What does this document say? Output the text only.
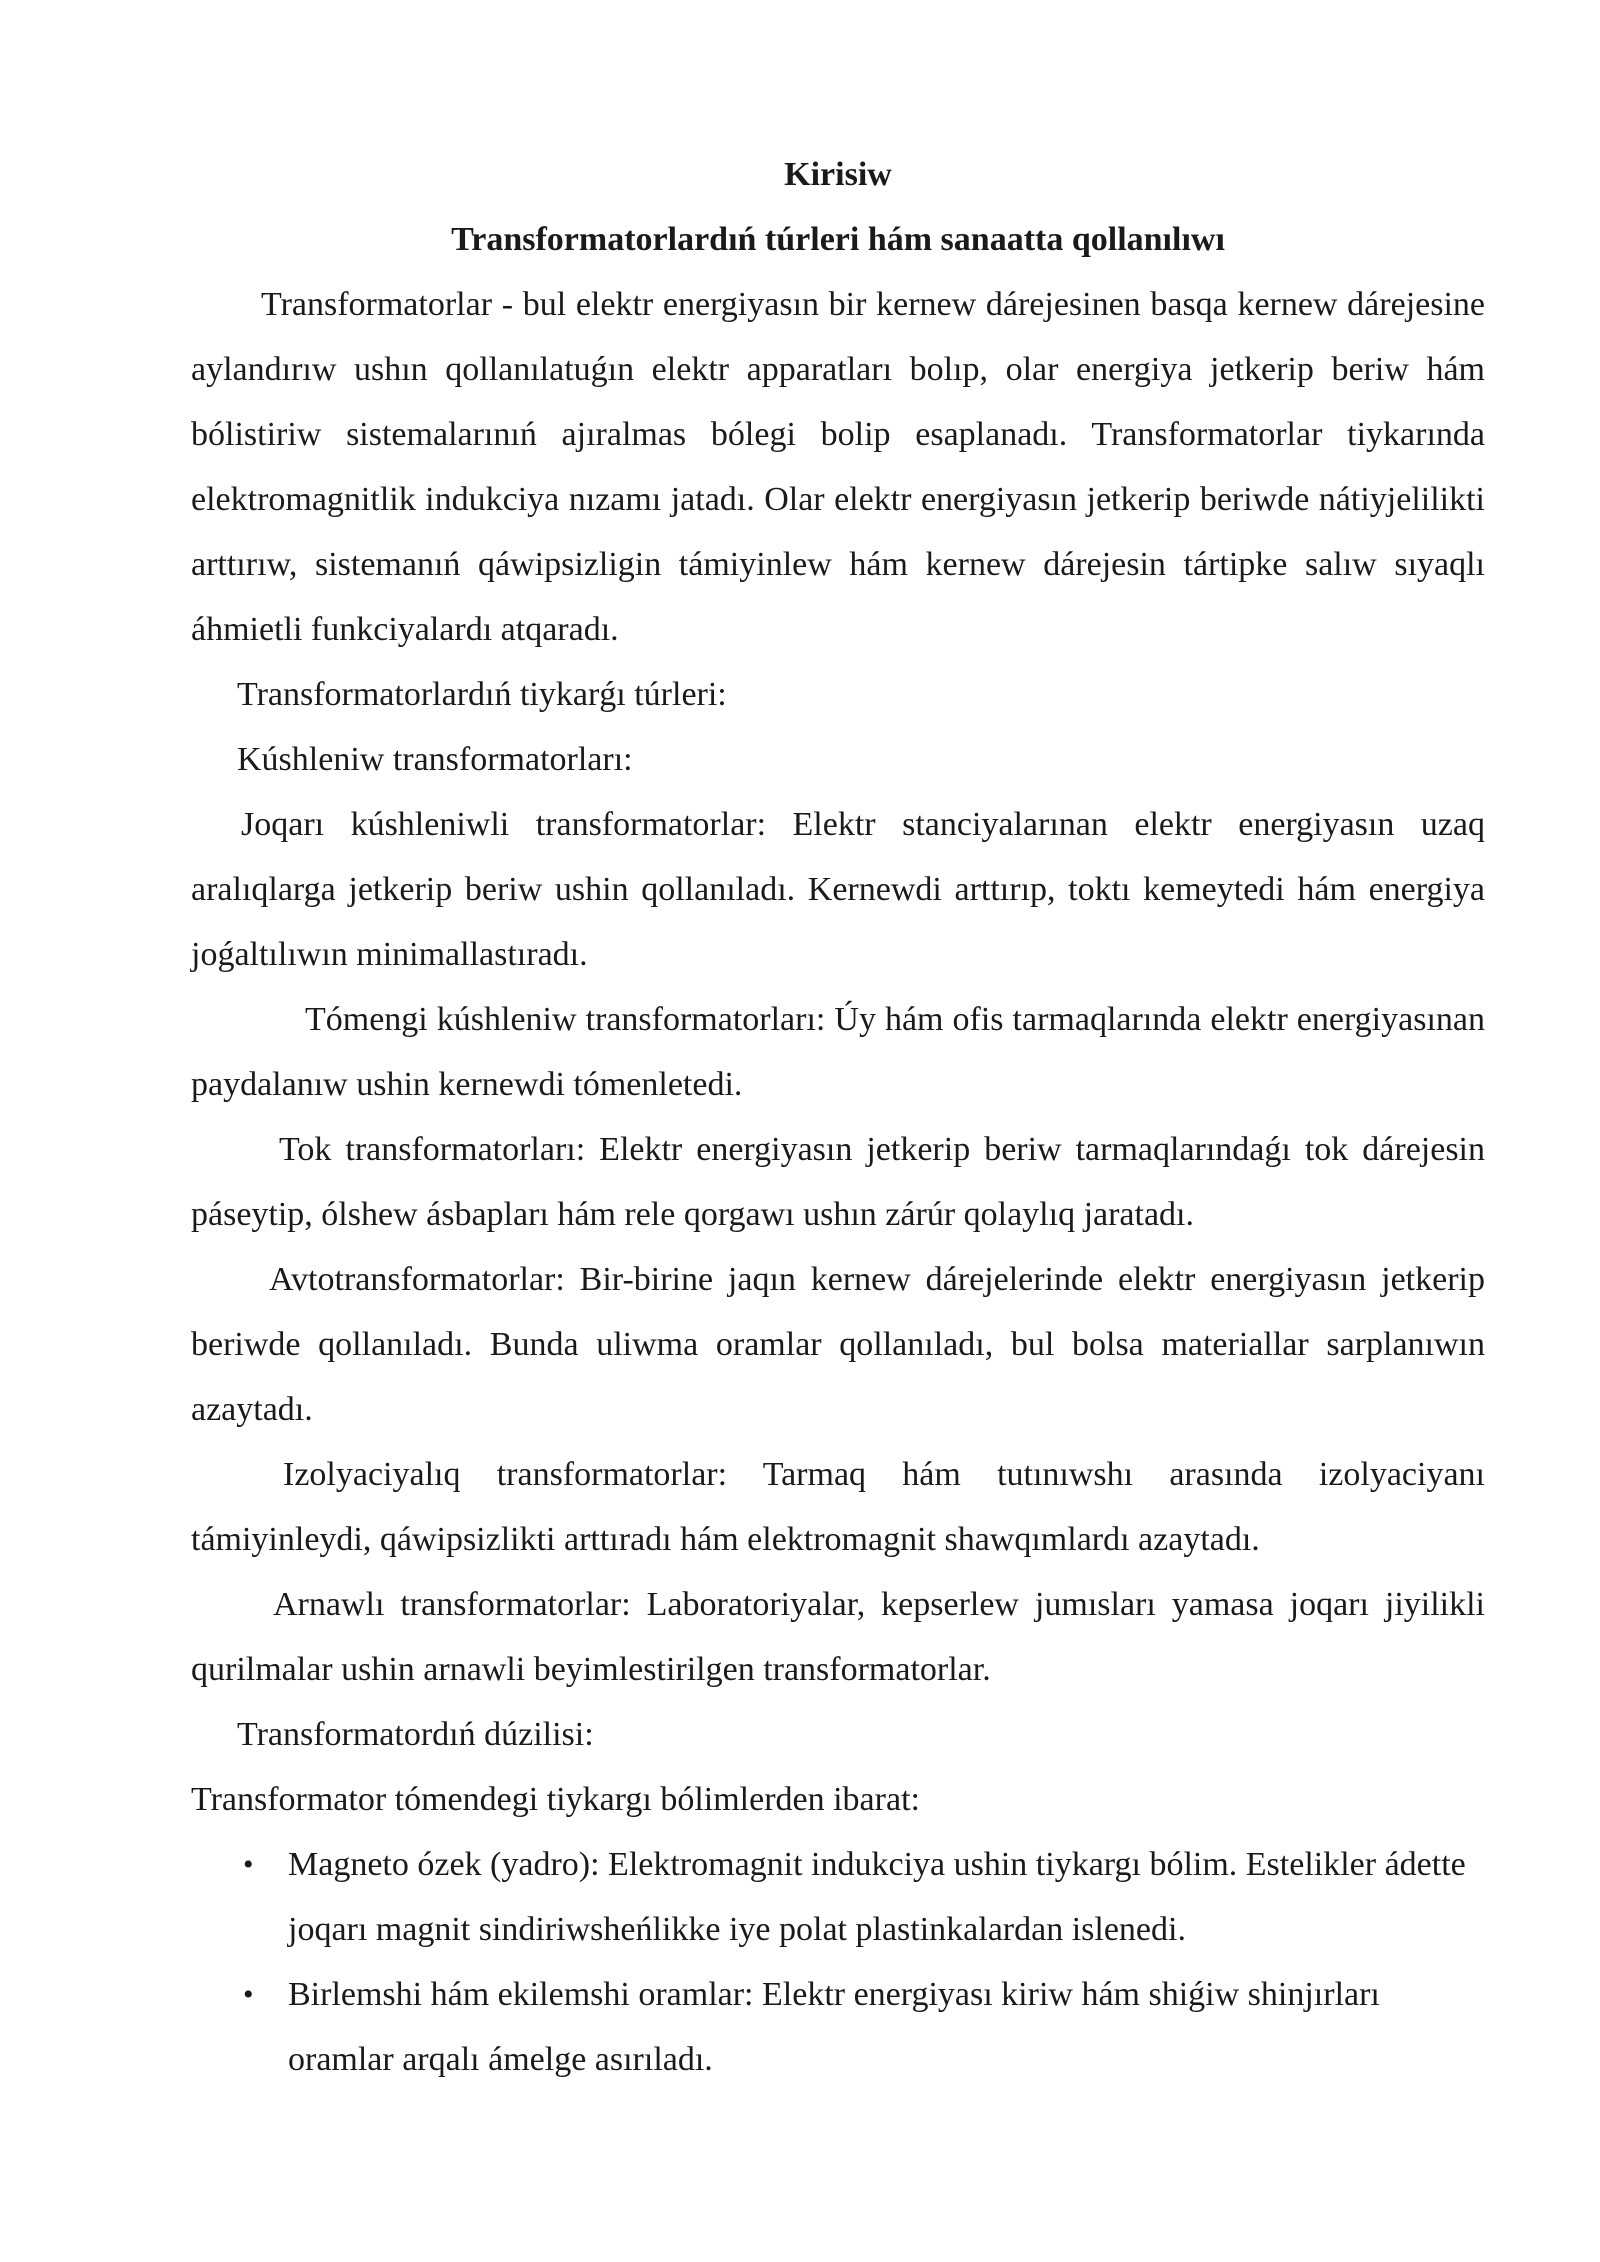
Kirisiw
Transformatorlardıń túrleri hám sanaatta qollanılıwı

Transformatorlar - bul elektr energiyasın bir kernew dárejesinen basqa kernew dárejesine aylandırıw ushın qollanılatuǵın elektr apparatları bolıp, olar energiya jetkerip beriw hám bólistiriw sistemalarınıń ajıralmas bólegi bolip esaplanadı. Transformatorlar tiykarında elektromagnitlik indukciya nızamı jatadı. Olar elektr energiyasın jetkerip beriwde nátiyjelilikti arttırıw, sistemanıń qáwipsizligin támiyinlew hám kernew dárejesin tártipke salıw sıyaqlı áhmietli funkciyalardı atqaradı.

Transformatorlardıń tiykarǵı túrleri:

Kúshleniw transformatorları:

Joqarı kúshleniwli transformatorlar: Elektr stanciyalarınan elektr energiyasın uzaq aralıqlarga jetkerip beriw ushin qollanıladı. Kernewdi arttırıp, toktı kemeytedi hám energiya joǵaltılıwın minimallastıradı.

Tómengi kúshleniw transformatorları: Úy hám ofis tarmaqlarında elektr energiyasınan paydalanıw ushin kernewdi tómenletedi.

Tok transformatorları: Elektr energiyasın jetkerip beriw tarmaqlarındaǵı tok dárejesin páseytip, ólshew ásbapları hám rele qorgawı ushın zárúr qolaylıq jaratadı.

Avtotransformatorlar: Bir-birine jaqın kernew dárejelerinde elektr energiyasın jetkerip beriwde qollanıladı. Bunda uliwma oramlar qollanıladı, bul bolsa materiallar sarplanıwın azaytadı.

Izolyaciyalıq transformatorlar: Tarmaq hám tutınıwshı arasında izolyaciyanı támiyinleydi, qáwipsizlikti arttıradı hám elektromagnit shawqımlardı azaytadı.

Arnawlı transformatorlar: Laboratoriyalar, kepserlew jumısları yamasa joqarı jiyilikli qurilmalar ushin arnawli beyimlestirilgen transformatorlar.

Transformatordıń dúzilisi:

Transformator tómendegi tiykargı bólimlerden ibarat:

• Magneto ózek (yadro): Elektromagnit indukciya ushin tiykargı bólim. Estelikler ádette joqarı magnit sindiriwsheńlikke iye polat plastinkalardan islenedi.
• Birlemshi hám ekilemshi oramlar: Elektr energiyası kiriw hám shiǵiw shinjırları oramlar arqalı ámelge asırıladı.
